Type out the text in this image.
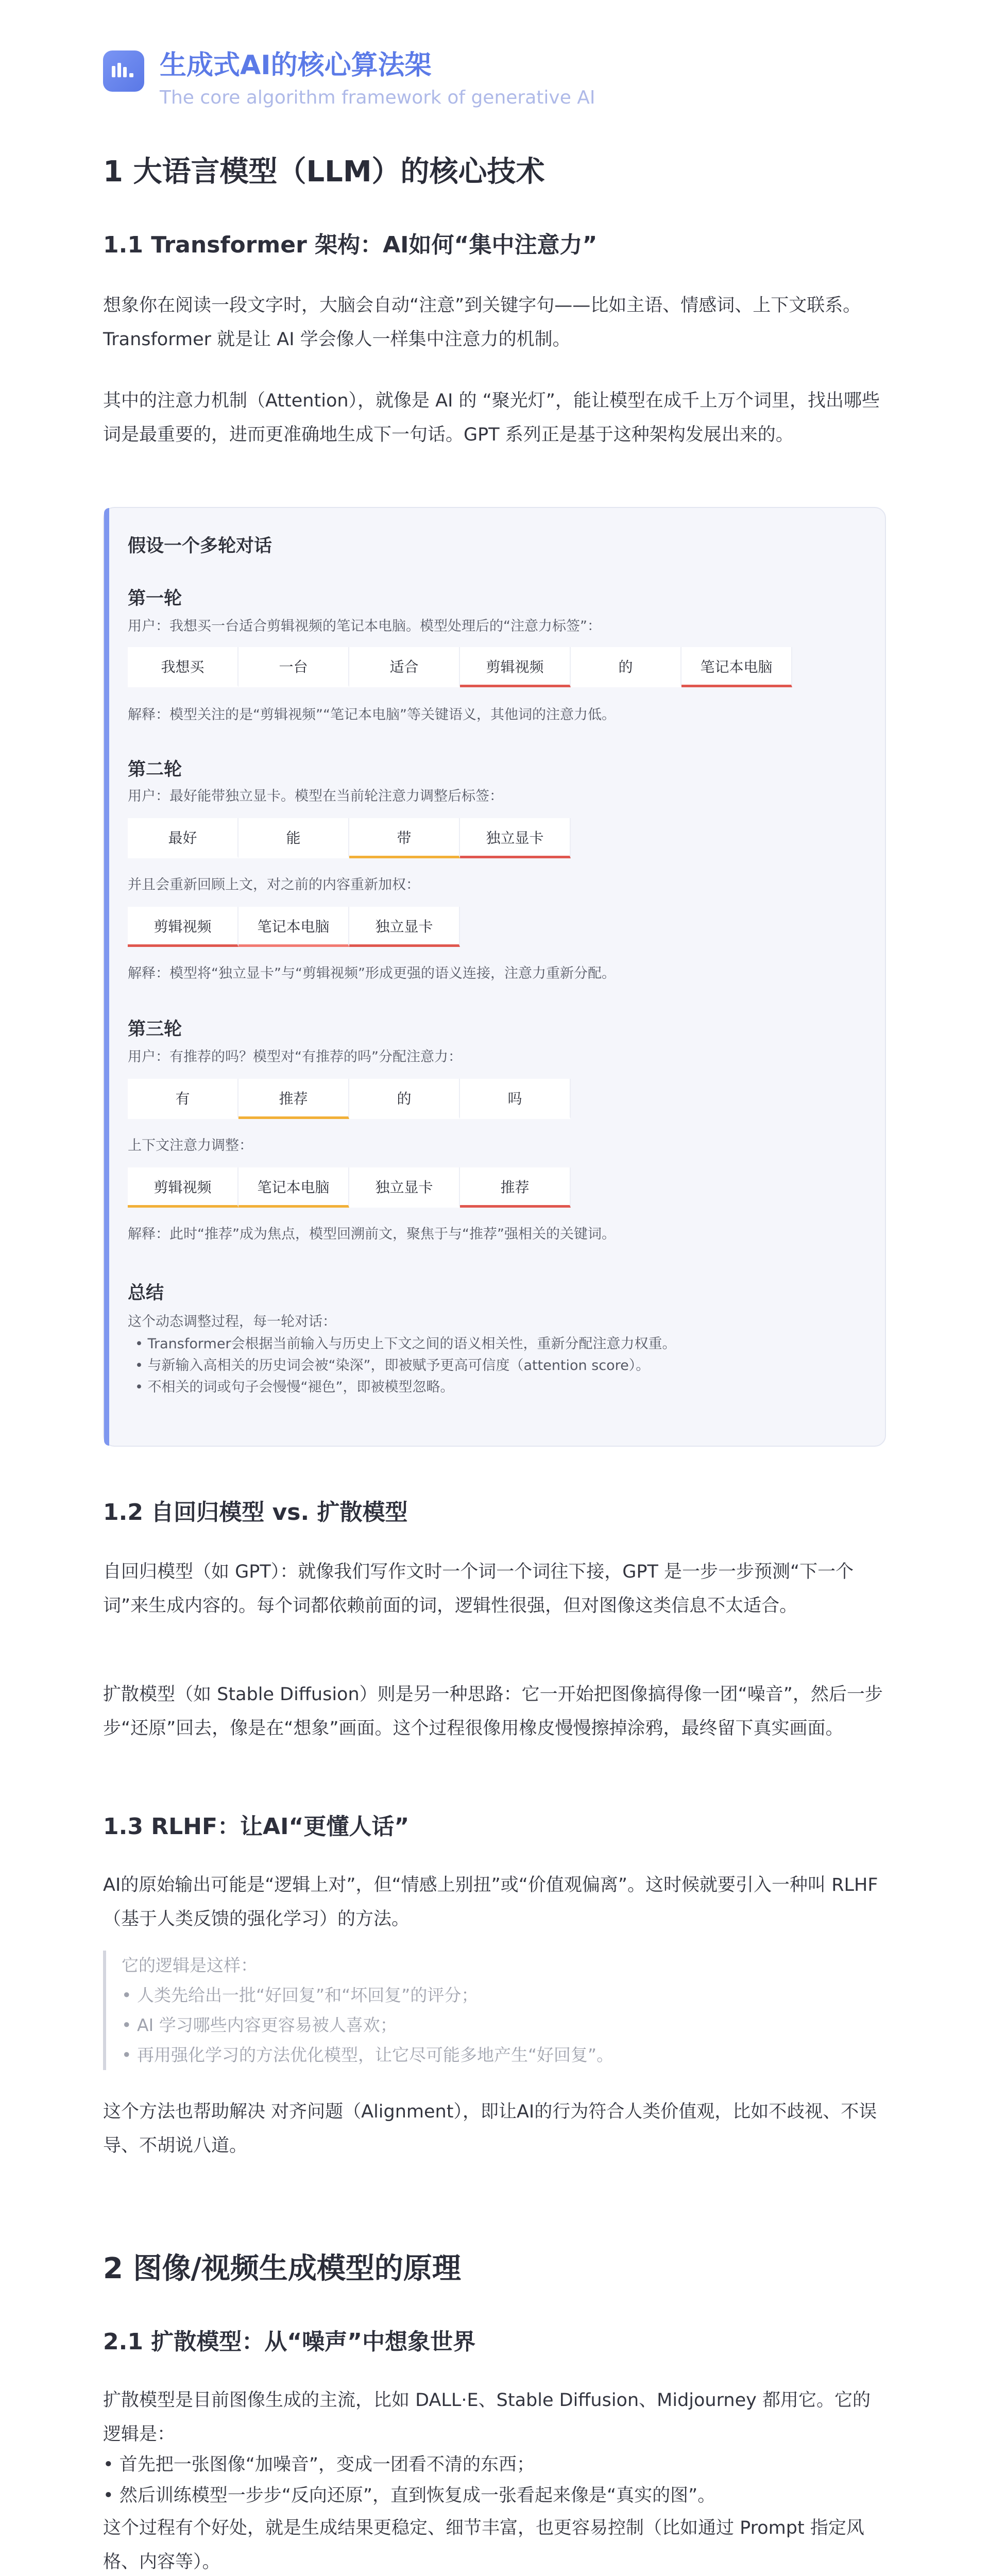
生成式AI的核心算法架
The core algorithm framework of generative AI
1 大语言模型（LLM）的核心技术
1.1 Transformer 架构：AI如何“集中注意力”

想象你在阅读一段文字时，大脑会自动“注意”到关键字句——比如主语、情感词、上下文联系。Transformer 就是让 AI 学会像人一样集中注意力的机制。

其中的注意力机制（Attention），就像是 AI 的 “聚光灯”，能让模型在成千上万个词里，找出哪些词是最重要的，进而更准确地生成下一句话。GPT 系列正是基于这种架构发展出来的。

假设一个多轮对话
第一轮
用户：我想买一台适合剪辑视频的笔记本电脑。模型处理后的“注意力标签”：
我想买	一台	适合	剪辑视频	的	笔记本电脑
解释：模型关注的是“剪辑视频”“笔记本电脑”等关键语义，其他词的注意力低。
第二轮
用户：最好能带独立显卡。模型在当前轮注意力调整后标签：
最好	能	带	独立显卡
并且会重新回顾上文，对之前的内容重新加权：
剪辑视频	笔记本电脑	独立显卡
解释：模型将“独立显卡”与“剪辑视频”形成更强的语义连接，注意力重新分配。
第三轮
用户：有推荐的吗？模型对“有推荐的吗”分配注意力：
有	推荐	的	吗
上下文注意力调整：
剪辑视频	笔记本电脑	独立显卡	推荐
解释：此时“推荐”成为焦点，模型回溯前文，聚焦于与“推荐”强相关的关键词。
总结
这个动态调整过程，每一轮对话：
• Transformer会根据当前输入与历史上下文之间的语义相关性，重新分配注意力权重。
• 与新输入高相关的历史词会被“染深”，即被赋予更高可信度（attention score）。
• 不相关的词或句子会慢慢“褪色”，即被模型忽略。
1.2 自回归模型 vs. 扩散模型

自回归模型（如 GPT）：就像我们写作文时一个词一个词往下接，GPT 是一步一步预测“下一个词”来生成内容的。每个词都依赖前面的词，逻辑性很强，但对图像这类信息不太适合。

扩散模型（如 Stable Diffusion）则是另一种思路：它一开始把图像搞得像一团“噪音”，然后一步步“还原”回去，像是在“想象”画面。这个过程很像用橡皮慢慢擦掉涂鸦，最终留下真实画面。

1.3 RLHF：让AI“更懂人话”

AI的原始输出可能是“逻辑上对”，但“情感上别扭”或“价值观偏离”。这时候就要引入一种叫 RLHF（基于人类反馈的强化学习）的方法。

它的逻辑是这样：
• 人类先给出一批“好回复”和“坏回复”的评分；
• AI 学习哪些内容更容易被人喜欢；
• 再用强化学习的方法优化模型，让它尽可能多地产生“好回复”。

这个方法也帮助解决 对齐问题（Alignment），即让AI的行为符合人类价值观，比如不歧视、不误导、不胡说八道。

2 图像/视频生成模型的原理
2.1 扩散模型：从“噪声”中想象世界

扩散模型是目前图像生成的主流，比如 DALL·E、Stable Diffusion、Midjourney 都用它。它的逻辑是：

• 首先把一张图像“加噪音”，变成一团看不清的东西；
• 然后训练模型一步步“反向还原”，直到恢复成一张看起来像是“真实的图”。

这个过程有个好处，就是生成结果更稳定、细节丰富，也更容易控制（比如通过 Prompt 指定风格、内容等）。
